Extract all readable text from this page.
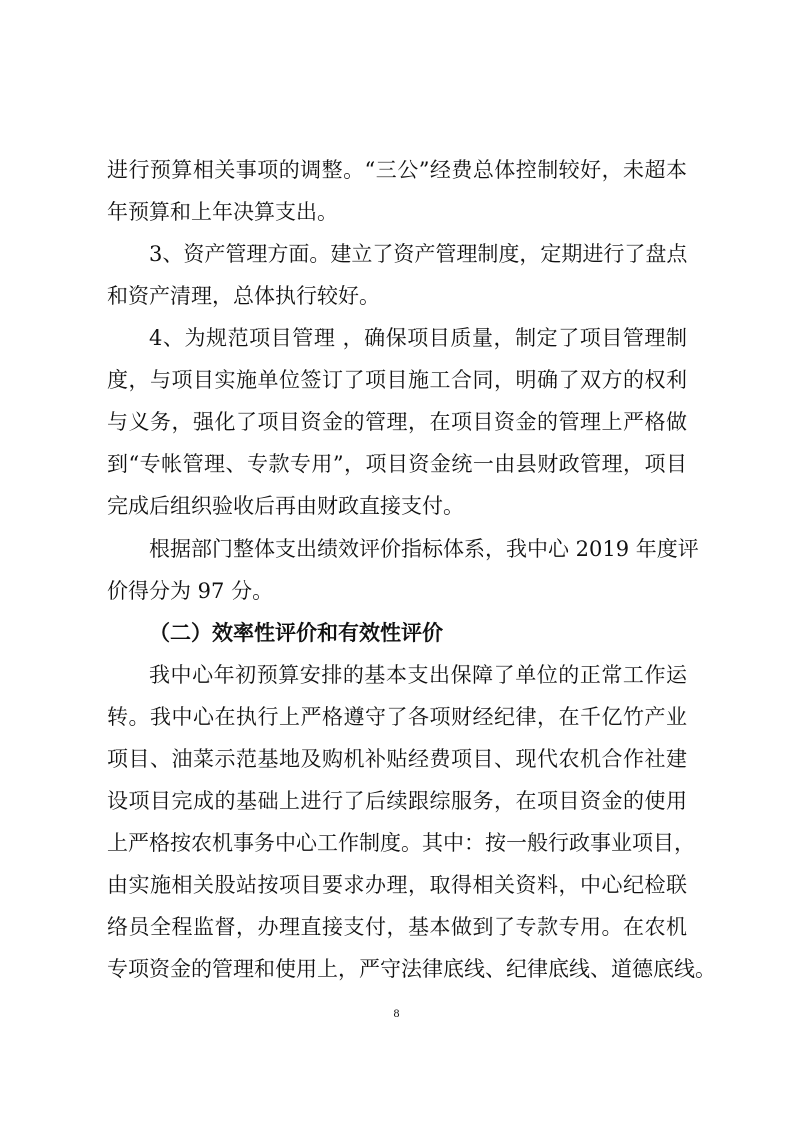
进行预算相关事项的调整。“三公”经费总体控制较好，未超本
年预算和上年决算支出。
3、资产管理方面。建立了资产管理制度，定期进行了盘点
和资产清理，总体执行较好。
4、为规范项目管理 ，确保项目质量，制定了项目管理制
度，与项目实施单位签订了项目施工合同，明确了双方的权利
与义务，强化了项目资金的管理，在项目资金的管理上严格做
到“专帐管理、专款专用”，项目资金统一由县财政管理，项目
完成后组织验收后再由财政直接支付。
根据部门整体支出绩效评价指标体系，我中心 2019 年度评
价得分为 97 分。
（二）效率性评价和有效性评价
我中心年初预算安排的基本支出保障了单位的正常工作运
转。我中心在执行上严格遵守了各项财经纪律，在千亿竹产业
项目、油菜示范基地及购机补贴经费项目、现代农机合作社建
设项目完成的基础上进行了后续跟综服务，在项目资金的使用
上严格按农机事务中心工作制度。其中：按一般行政事业项目，
由实施相关股站按项目要求办理，取得相关资料，中心纪检联
络员全程监督，办理直接支付，基本做到了专款专用。在农机
专项资金的管理和使用上，严守法律底线、纪律底线、道德底线。
8
